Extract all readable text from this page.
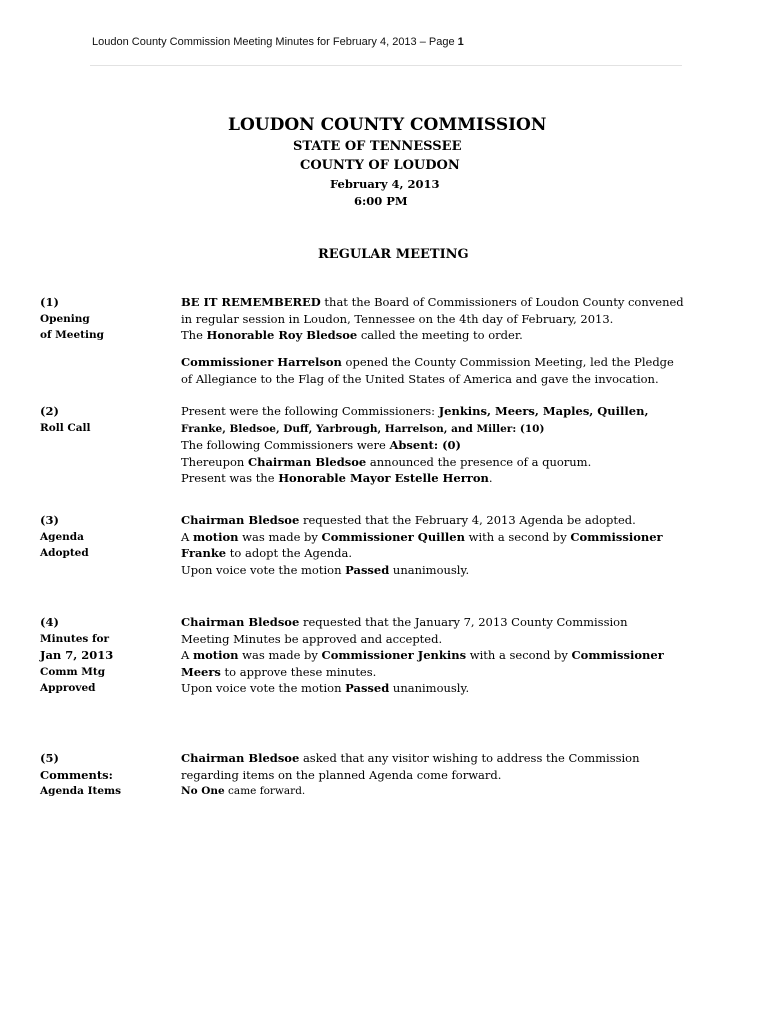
Loudon County Commission Meeting Minutes for February 4, 2013 – Page 1
LOUDON COUNTY COMMISSION
STATE OF TENNESSEE
COUNTY OF LOUDON
February 4, 2013
6:00 PM
REGULAR MEETING
(1)
Opening
of Meeting
BE IT REMEMBERED that the Board of Commissioners of Loudon County convened
in regular session in Loudon, Tennessee on the 4th day of February, 2013.
The Honorable Roy Bledsoe called the meeting to order.
Commissioner Harrelson opened the County Commission Meeting, led the Pledge
of Allegiance to the Flag of the United States of America and gave the invocation.
(2)
Roll Call
Present were the following Commissioners: Jenkins, Meers, Maples, Quillen,
Franke, Bledsoe, Duff, Yarbrough, Harrelson, and Miller: (10)
The following Commissioners were Absent: (0)
Thereupon Chairman Bledsoe announced the presence of a quorum.
Present was the Honorable Mayor Estelle Herron.
(3)
Agenda
Adopted
Chairman Bledsoe requested that the February 4, 2013 Agenda be adopted.
A motion was made by Commissioner Quillen with a second by Commissioner
Franke to adopt the Agenda.
Upon voice vote the motion Passed unanimously.
(4)
Minutes for
Jan 7, 2013
Comm Mtg
Approved
Chairman Bledsoe requested that the January 7, 2013 County Commission
Meeting Minutes be approved and accepted.
A motion was made by Commissioner Jenkins with a second by Commissioner
Meers to approve these minutes.
Upon voice vote the motion Passed unanimously.
(5)
Comments:
Agenda Items
Chairman Bledsoe asked that any visitor wishing to address the Commission
regarding items on the planned Agenda come forward.
No One came forward.
